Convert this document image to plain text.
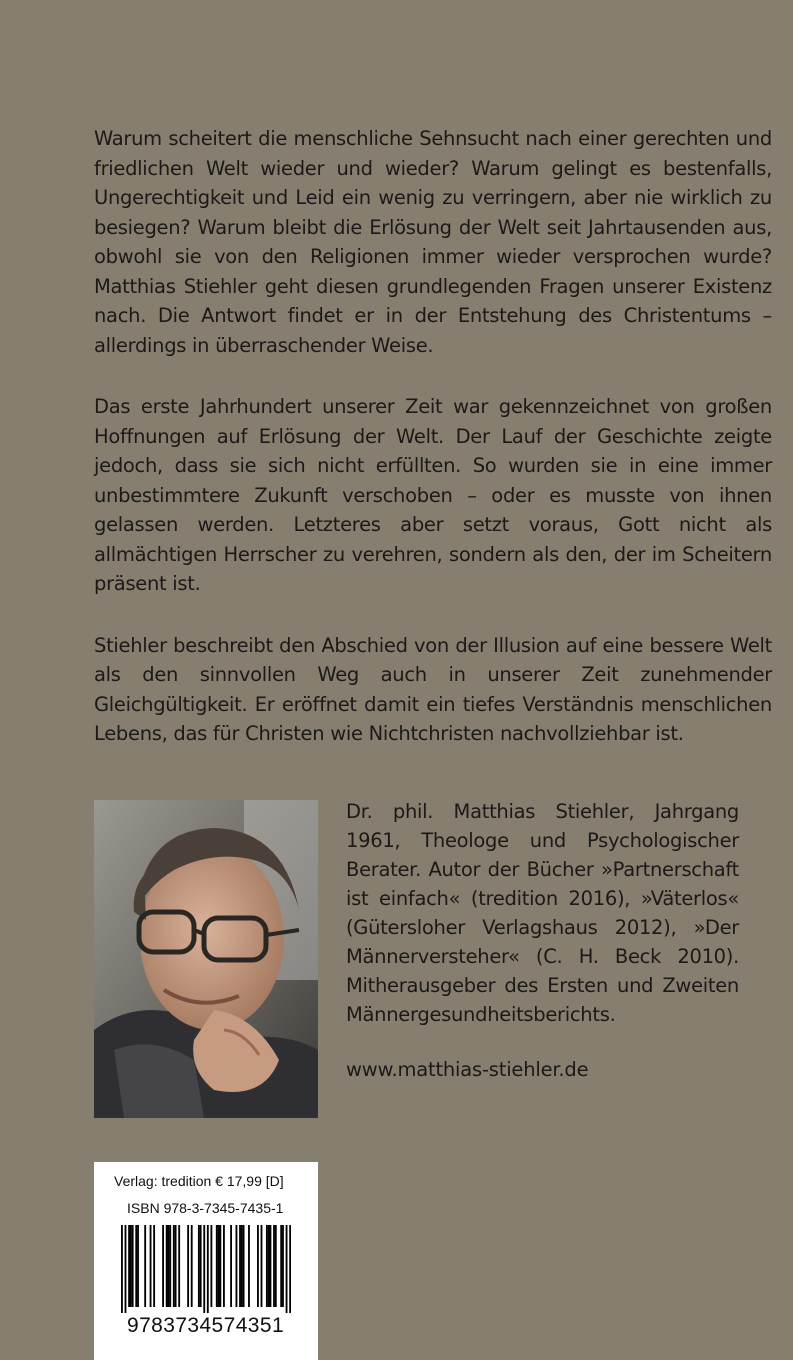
Warum scheitert die menschliche Sehnsucht nach einer gerechten und friedlichen Welt wieder und wieder? Warum gelingt es bestenfalls, Ungerechtigkeit und Leid ein wenig zu verringern, aber nie wirklich zu besiegen? Warum bleibt die Erlösung der Welt seit Jahrtausenden aus, obwohl sie von den Religionen immer wieder versprochen wurde? Matthias Stiehler geht diesen grundlegenden Fragen unserer Existenz nach. Die Antwort findet er in der Entstehung des Christentums – allerdings in überraschender Weise.

Das erste Jahrhundert unserer Zeit war gekennzeichnet von großen Hoffnungen auf Erlösung der Welt. Der Lauf der Geschichte zeigte jedoch, dass sie sich nicht erfüllten. So wurden sie in eine immer unbestimmtere Zukunft verschoben – oder es musste von ihnen gelassen werden. Letzteres aber setzt voraus, Gott nicht als allmächtigen Herrscher zu verehren, sondern als den, der im Scheitern präsent ist.

Stiehler beschreibt den Abschied von der Illusion auf eine bessere Welt als den sinnvollen Weg auch in unserer Zeit zunehmender Gleichgültigkeit. Er eröffnet damit ein tiefes Verständnis menschlichen Lebens, das für Christen wie Nichtchristen nachvollziehbar ist.

Dr. phil. Matthias Stiehler, Jahrgang 1961, Theologe und Psychologischer Berater. Autor der Bücher »Partnerschaft ist einfach« (tredition 2016), »Väterlos« (Gütersloher Verlagshaus 2012), »Der Männerversteher« (C. H. Beck 2010). Mitherausgeber des Ersten und Zweiten Männergesundheitsberichts.
www.matthias-stiehler.de
Verlag: tredition € 17,99 [D]
ISBN 978-3-7345-7435-1
9783734574351
